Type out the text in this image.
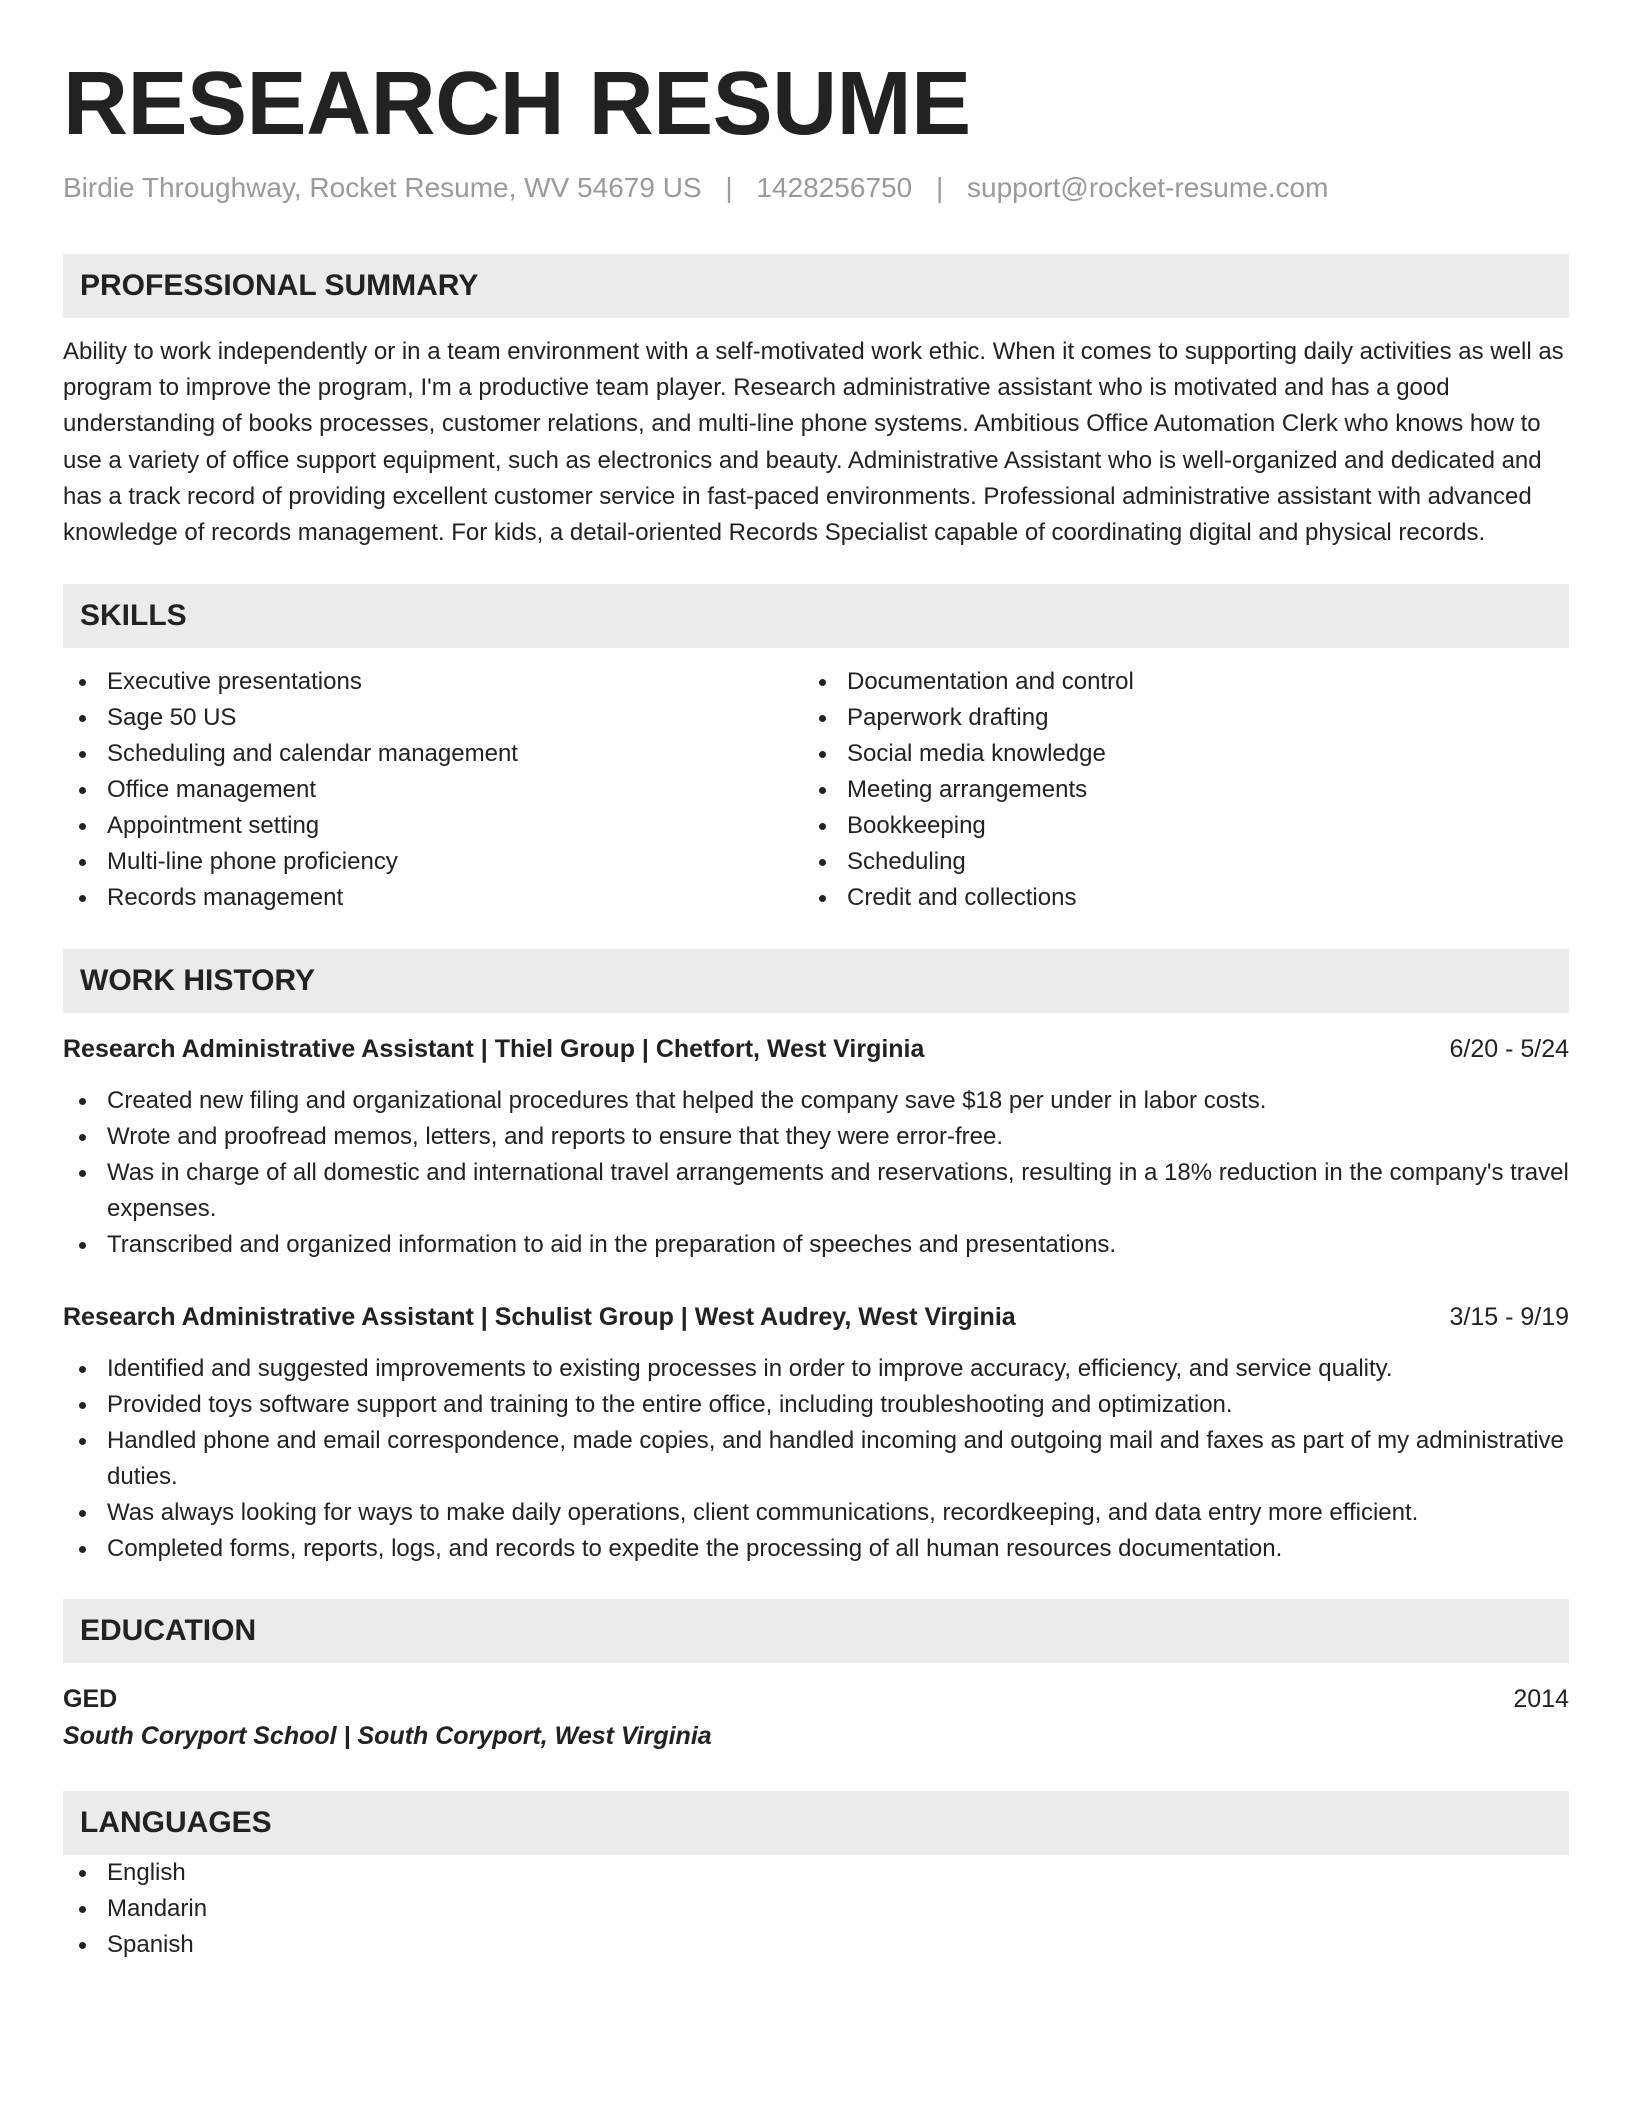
RESEARCH RESUME
Birdie Throughway, Rocket Resume, WV 54679 US | 1428256750 | support@rocket-resume.com
PROFESSIONAL SUMMARY

Ability to work independently or in a team environment with a self-motivated work ethic. When it comes to supporting daily activities as well as program to improve the program, I'm a productive team player. Research administrative assistant who is motivated and has a good understanding of books processes, customer relations, and multi-line phone systems. Ambitious Office Automation Clerk who knows how to use a variety of office support equipment, such as electronics and beauty. Administrative Assistant who is well-organized and dedicated and has a track record of providing excellent customer service in fast-paced environments. Professional administrative assistant with advanced knowledge of records management. For kids, a detail-oriented Records Specialist capable of coordinating digital and physical records.

SKILLS
Executive presentations
Sage 50 US
Scheduling and calendar management
Office management
Appointment setting
Multi-line phone proficiency
Records management
Documentation and control
Paperwork drafting
Social media knowledge
Meeting arrangements
Bookkeeping
Scheduling
Credit and collections
WORK HISTORY
Research Administrative Assistant | Thiel Group | Chetfort, West Virginia	6/20 - 5/24
Created new filing and organizational procedures that helped the company save $18 per under in labor costs.
Wrote and proofread memos, letters, and reports to ensure that they were error-free.
Was in charge of all domestic and international travel arrangements and reservations, resulting in a 18% reduction in the company's travel expenses.
Transcribed and organized information to aid in the preparation of speeches and presentations.
Research Administrative Assistant | Schulist Group | West Audrey, West Virginia	3/15 - 9/19
Identified and suggested improvements to existing processes in order to improve accuracy, efficiency, and service quality.
Provided toys software support and training to the entire office, including troubleshooting and optimization.
Handled phone and email correspondence, made copies, and handled incoming and outgoing mail and faxes as part of my administrative duties.
Was always looking for ways to make daily operations, client communications, recordkeeping, and data entry more efficient.
Completed forms, reports, logs, and records to expedite the processing of all human resources documentation.
EDUCATION
GED	2014
South Coryport School | South Coryport, West Virginia
LANGUAGES
English
Mandarin
Spanish
